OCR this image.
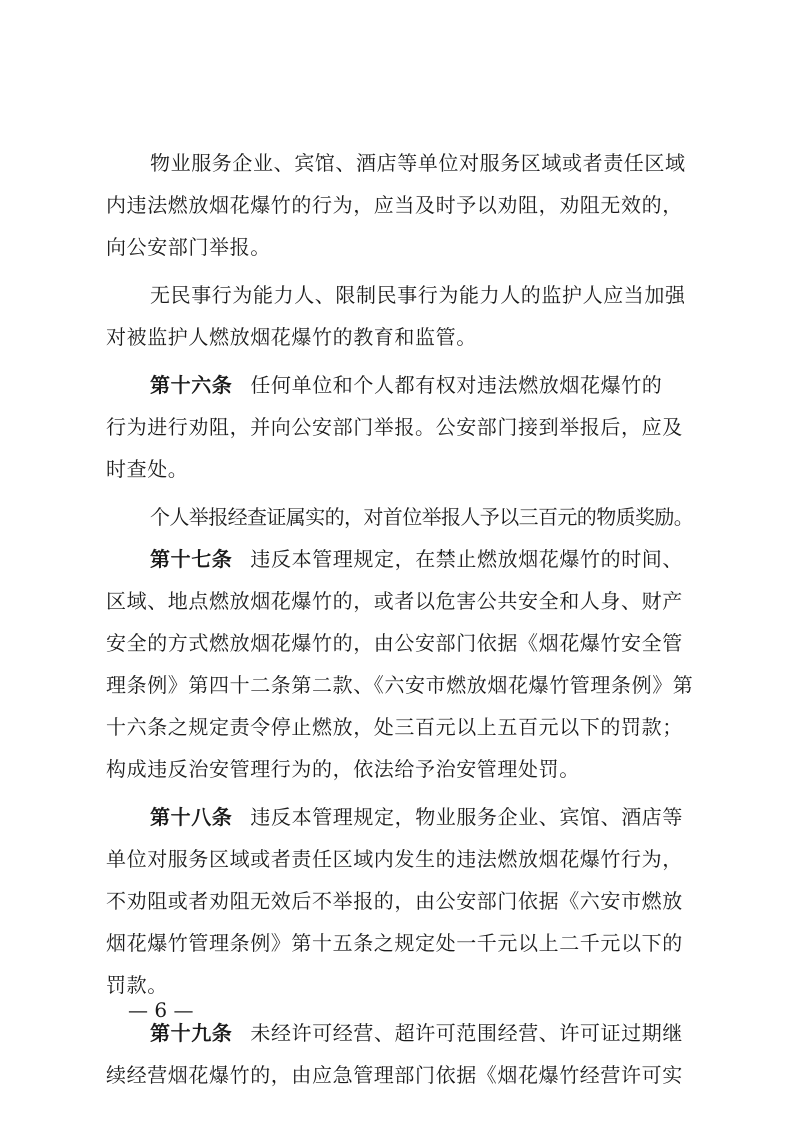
物业服务企业、宾馆、酒店等单位对服务区域或者责任区域
内违法燃放烟花爆竹的行为，应当及时予以劝阻，劝阻无效的，
向公安部门举报。
无民事行为能力人、限制民事行为能力人的监护人应当加强
对被监护人燃放烟花爆竹的教育和监管。
第十六条 任何单位和个人都有权对违法燃放烟花爆竹的
行为进行劝阻，并向公安部门举报。公安部门接到举报后，应及
时查处。
个人举报经查证属实的，对首位举报人予以三百元的物质奖励。
第十七条 违反本管理规定，在禁止燃放烟花爆竹的时间、
区域、地点燃放烟花爆竹的，或者以危害公共安全和人身、财产
安全的方式燃放烟花爆竹的，由公安部门依据《烟花爆竹安全管
理条例》第四十二条第二款、《六安市燃放烟花爆竹管理条例》第
十六条之规定责令停止燃放，处三百元以上五百元以下的罚款；
构成违反治安管理行为的，依法给予治安管理处罚。
第十八条 违反本管理规定，物业服务企业、宾馆、酒店等
单位对服务区域或者责任区域内发生的违法燃放烟花爆竹行为，
不劝阻或者劝阻无效后不举报的，由公安部门依据《六安市燃放
烟花爆竹管理条例》第十五条之规定处一千元以上二千元以下的
罚款。
第十九条 未经许可经营、超许可范围经营、许可证过期继
续经营烟花爆竹的，由应急管理部门依据《烟花爆竹经营许可实
— 6 —
